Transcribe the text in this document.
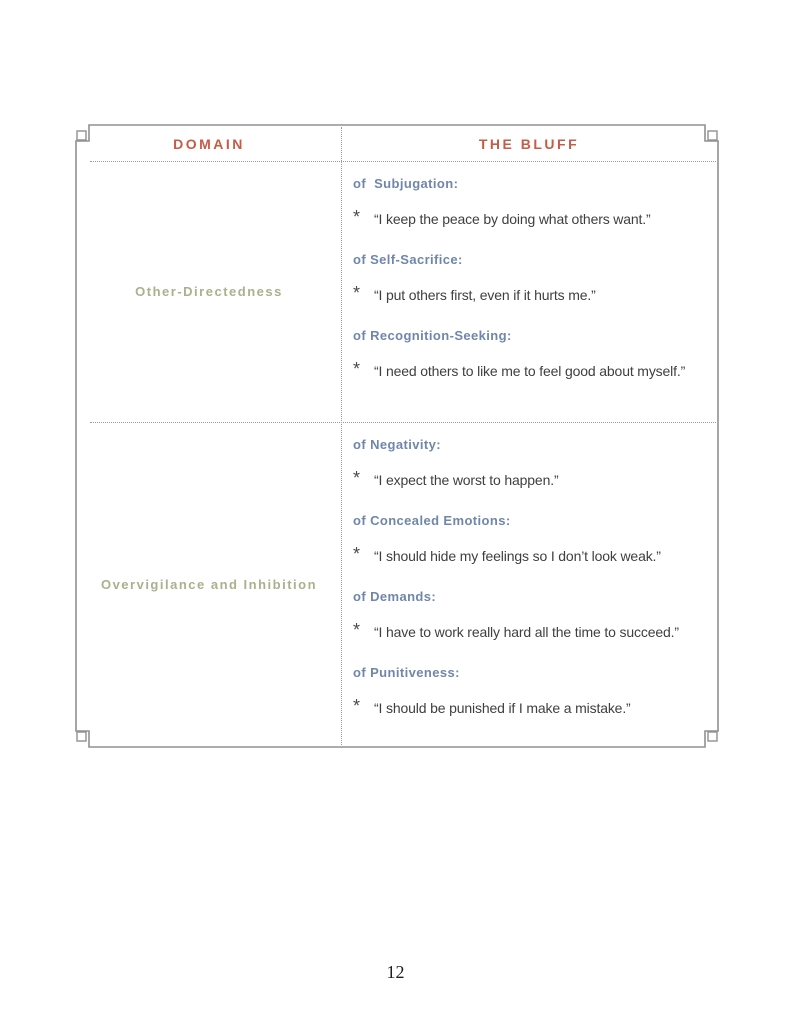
DOMAIN	THE BLUFF
Other-Directedness
of  Subjugation:
* “I keep the peace by doing what others want.”
of Self-Sacrifice:
* “I put others first, even if it hurts me.”
of Recognition-Seeking:
* “I need others to like me to feel good about myself.”
Overvigilance and Inhibition
of Negativity:
* “I expect the worst to happen.”
of Concealed Emotions:
* “I should hide my feelings so I don’t look weak.”
of Demands:
* “I have to work really hard all the time to succeed.”
of Punitiveness:
* “I should be punished if I make a mistake.”
12
